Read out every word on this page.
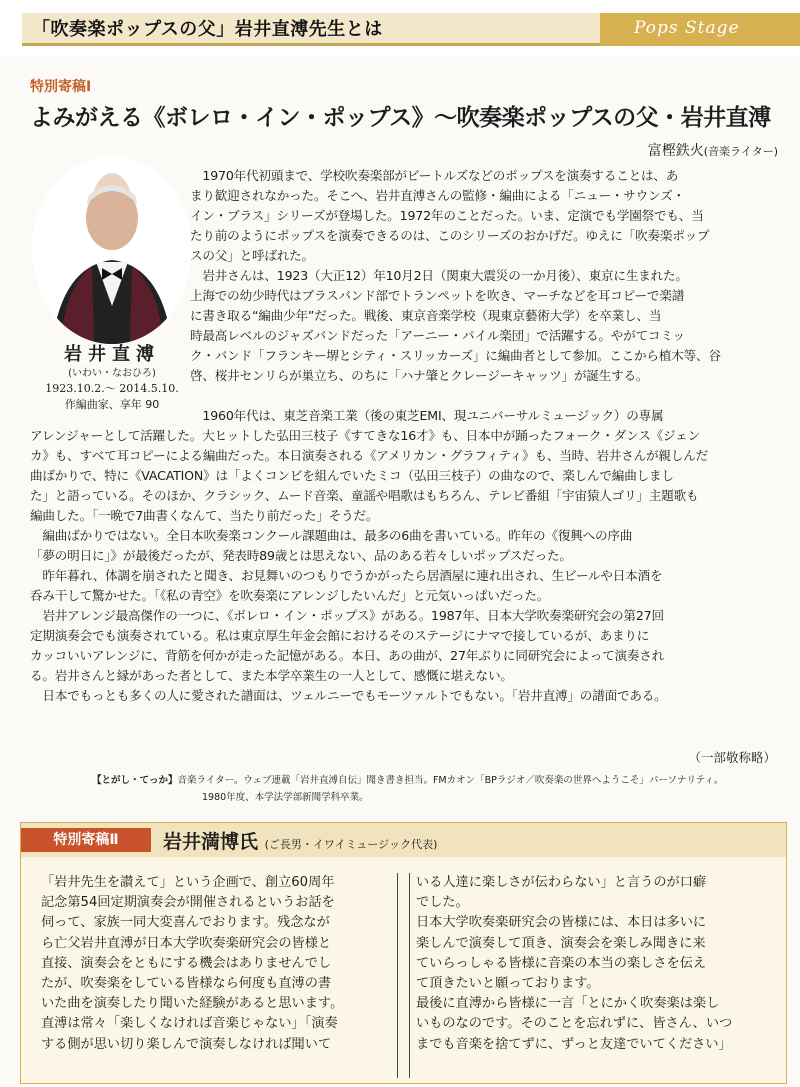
「吹奏楽ポップスの父」岩井直溥先生とは	Pops Stage
特別寄稿Ⅰ
よみがえる《ボレロ・イン・ポップス》〜吹奏楽ポップスの父・岩井直溥
富樫鉄火(音楽ライター)
岩井直溥
(いわい・なおひろ)
1923.10.2.〜 2014.5.10.
作編曲家、享年 90
　1970年代初頭まで、学校吹奏楽部がビートルズなどのポップスを演奏することは、あ
まり歓迎されなかった。そこへ、岩井直溥さんの監修・編曲による「ニュー・サウンズ・
イン・ブラス」シリーズが登場した。1972年のことだった。いま、定演でも学園祭でも、当
たり前のようにポップスを演奏できるのは、このシリーズのおかげだ。ゆえに「吹奏楽ポップ
スの父」と呼ばれた。
　岩井さんは、1923（大正12）年10月2日（関東大震災の一か月後）、東京に生まれた。
上海での幼少時代はブラスバンド部でトランペットを吹き、マーチなどを耳コピーで楽譜
に書き取る“編曲少年”だった。戦後、東京音楽学校（現東京藝術大学）を卒業し、当
時最高レベルのジャズバンドだった「アーニー・パイル楽団」で活躍する。やがてコミッ
ク・バンド「フランキー堺とシティ・スリッカーズ」に編曲者として参加。ここから植木等、谷
啓、桜井センリらが巣立ち、のちに「ハナ肇とクレージーキャッツ」が誕生する。
　1960年代は、東芝音楽工業（後の東芝EMI、現ユニバーサルミュージック）の専属
アレンジャーとして活躍した。大ヒットした弘田三枝子《すてきな16才》も、日本中が踊ったフォーク・ダンス《ジェン
カ》も、すべて耳コピーによる編曲だった。本日演奏される《アメリカン・グラフィティ》も、当時、岩井さんが親しんだ
曲ばかりで、特に《VACATION》は「よくコンビを組んでいたミコ（弘田三枝子）の曲なので、楽しんで編曲しまし
た」と語っている。そのほか、クラシック、ムード音楽、童謡や唱歌はもちろん、テレビ番組「宇宙猿人ゴリ」主題歌も
編曲した。「一晩で7曲書くなんて、当たり前だった」そうだ。
　編曲ばかりではない。全日本吹奏楽コンクール課題曲は、最多の6曲を書いている。昨年の《復興への序曲
「夢の明日に」》が最後だったが、発表時89歳とは思えない、品のある若々しいポップスだった。
　昨年暮れ、体調を崩されたと聞き、お見舞いのつもりでうかがったら居酒屋に連れ出され、生ビールや日本酒を
呑み干して驚かせた。「《私の青空》を吹奏楽にアレンジしたいんだ」と元気いっぱいだった。
　岩井アレンジ最高傑作の一つに、《ボレロ・イン・ポップス》がある。1987年、日本大学吹奏楽研究会の第27回
定期演奏会でも演奏されている。私は東京厚生年金会館におけるそのステージにナマで接しているが、あまりに
カッコいいアレンジに、背筋を何かが走った記憶がある。本日、あの曲が、27年ぶりに同研究会によって演奏され
る。岩井さんと縁があった者として、また本学卒業生の一人として、感慨に堪えない。
　日本でもっとも多くの人に愛された譜面は、ツェルニーでもモーツァルトでもない。「岩井直溥」の譜面である。
（一部敬称略）
【とがし・てっか】音楽ライター。ウェブ連載「岩井直溥自伝」聞き書き担当。FMカオン「BPラジオ／吹奏楽の世界へようこそ」パーソナリティ。
1980年度、本学法学部新聞学科卒業。
特別寄稿Ⅱ	岩井満博氏 (ご長男・イワイミュージック代表)
「岩井先生を讃えて」という企画で、創立60周年
記念第54回定期演奏会が開催されるというお話を
伺って、家族一同大変喜んでおります。残念なが
ら亡父岩井直溥が日本大学吹奏楽研究会の皆様と
直接、演奏会をともにする機会はありませんでし
たが、吹奏楽をしている皆様なら何度も直溥の書
いた曲を演奏したり聞いた経験があると思います。
直溥は常々「楽しくなければ音楽じゃない」「演奏
する側が思い切り楽しんで演奏しなければ聞いて
いる人達に楽しさが伝わらない」と言うのが口癖
でした。
日本大学吹奏楽研究会の皆様には、本日は多いに
楽しんで演奏して頂き、演奏会を楽しみ聞きに来
ていらっしゃる皆様に音楽の本当の楽しさを伝え
て頂きたいと願っております。
最後に直溥から皆様に一言「とにかく吹奏楽は楽し
いものなのです。そのことを忘れずに、皆さん、いつ
までも音楽を捨てずに、ずっと友達でいてください」
